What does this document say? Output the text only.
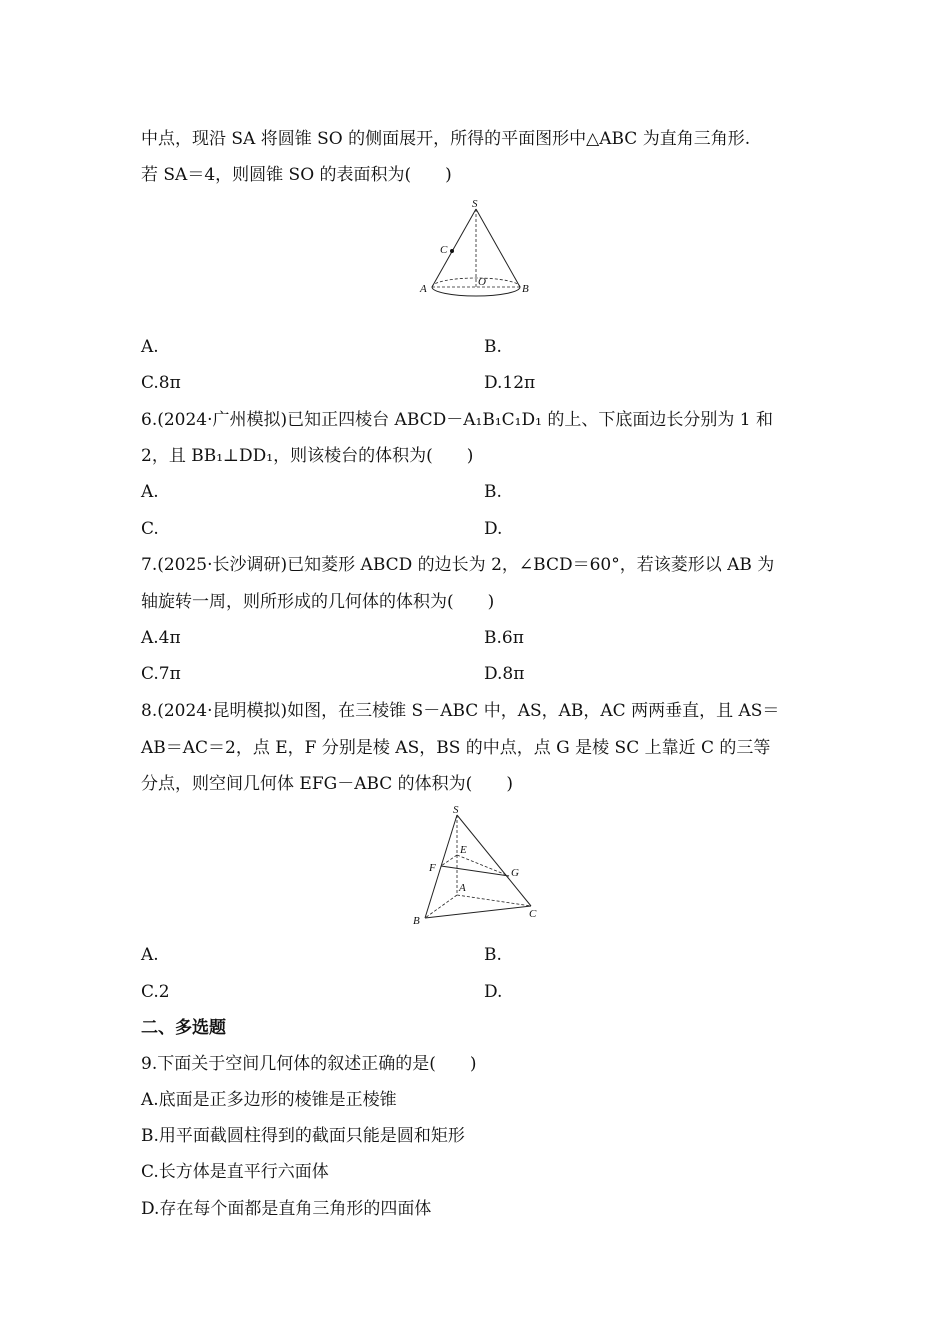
中点，现沿 SA 将圆锥 SO 的侧面展开，所得的平面图形中△ABC 为直角三角形.
若 SA＝4，则圆锥 SO 的表面积为(　　)
S
C
O
A	B
A.	B.
C.8π	D.12π
6.(2024·广州模拟)已知正四棱台 ABCD－A₁B₁C₁D₁ 的上、下底面边长分别为 1 和
2，且 BB₁⊥DD₁，则该棱台的体积为(　　)
A.	B.
C.	D.
7.(2025·长沙调研)已知菱形 ABCD 的边长为 2，∠BCD＝60°，若该菱形以 AB 为
轴旋转一周，则所形成的几何体的体积为(　　)
A.4π	B.6π
C.7π	D.8π
8.(2024·昆明模拟)如图，在三棱锥 S－ABC 中，AS，AB，AC 两两垂直，且 AS＝
AB＝AC＝2，点 E，F 分别是棱 AS，BS 的中点，点 G 是棱 SC 上靠近 C 的三等
分点，则空间几何体 EFG－ABC 的体积为(　　)
S
E
F	G
A
B
C
A.	B.
C.2	D.
二、多选题
9.下面关于空间几何体的叙述正确的是(　　)
A.底面是正多边形的棱锥是正棱锥
B.用平面截圆柱得到的截面只能是圆和矩形
C.长方体是直平行六面体
D.存在每个面都是直角三角形的四面体
